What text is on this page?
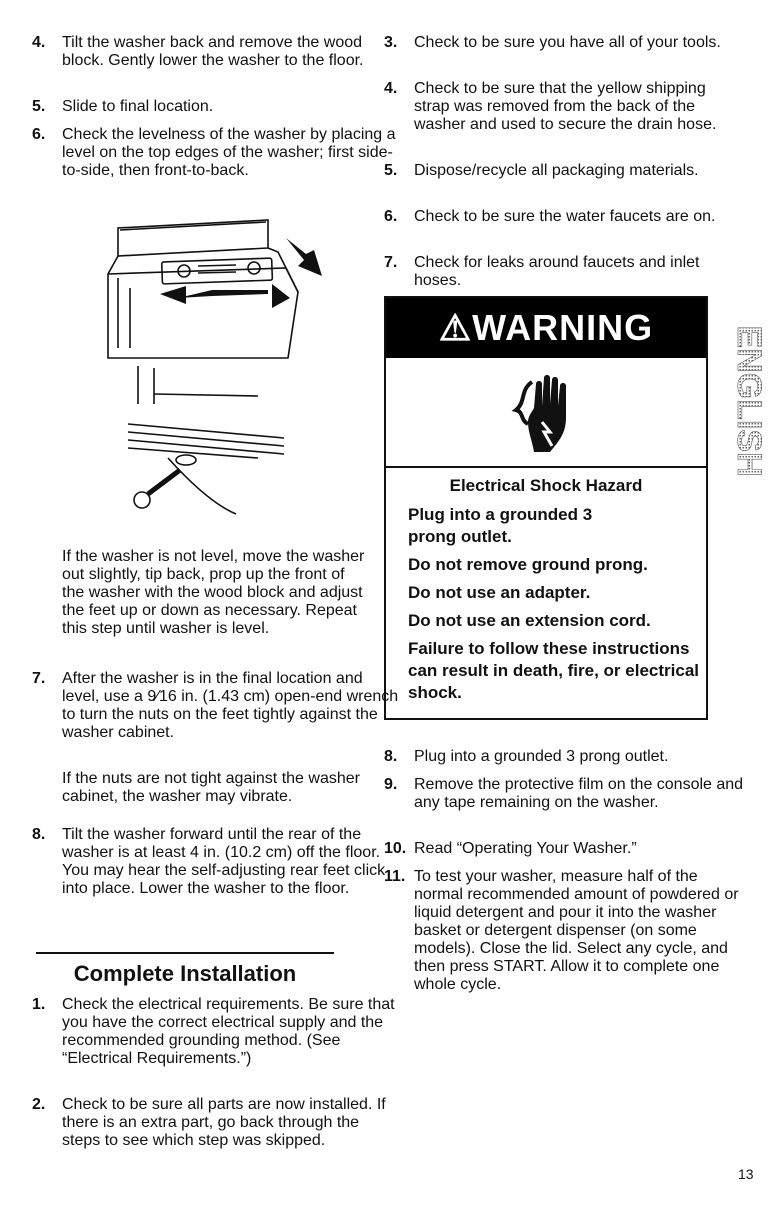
4.	Tilt the washer back and remove the wood block. Gently lower the washer to the floor.
5.	Slide to final location.
6.	Check the levelness of the washer by placing a level on the top edges of the washer; first side-to-side, then front-to-back.
If the washer is not level, move the washer out slightly, tip back, prop up the front of the washer with the wood block and adjust the feet up or down as necessary. Repeat this step until washer is level.
7.	After the washer is in the final location and level, use a 9⁄16 in. (1.43 cm) open-end wrench to turn the nuts on the feet tightly against the washer cabinet.
If the nuts are not tight against the washer cabinet, the washer may vibrate.
8.	Tilt the washer forward until the rear of the washer is at least 4 in. (10.2 cm) off the floor. You may hear the self-adjusting rear feet click into place. Lower the washer to the floor.
1.	Check the electrical requirements. Be sure that you have the correct electrical supply and the recommended grounding method. (See “Electrical Requirements.”)
2.	Check to be sure all parts are now installed. If there is an extra part, go back through the steps to see which step was skipped.
Complete Installation
3.	Check to be sure you have all of your tools.
4.	Check to be sure that the yellow shipping strap was removed from the back of the washer and used to secure the drain hose.
5.	Dispose/recycle all packaging materials.
6.	Check to be sure the water faucets are on.
7.	Check for leaks around faucets and inlet hoses.
8.	Plug into a grounded 3 prong outlet.
9.	Remove the protective film on the console and any tape remaining on the washer.
10. Read “Operating Your Washer.”
11. To test your washer, measure half of the normal recommended amount of powdered or liquid detergent and pour it into the washer basket or detergent dispenser (on some models). Close the lid. Select any cycle, and then press START. Allow it to complete one whole cycle.
⚠WARNING
Electrical Shock Hazard

Plug into a grounded 3 prong outlet.

Do not remove ground prong.

Do not use an adapter.

Do not use an extension cord.

Failure to follow these instructions can result in death, fire, or electrical shock.

ENGLISH
13
